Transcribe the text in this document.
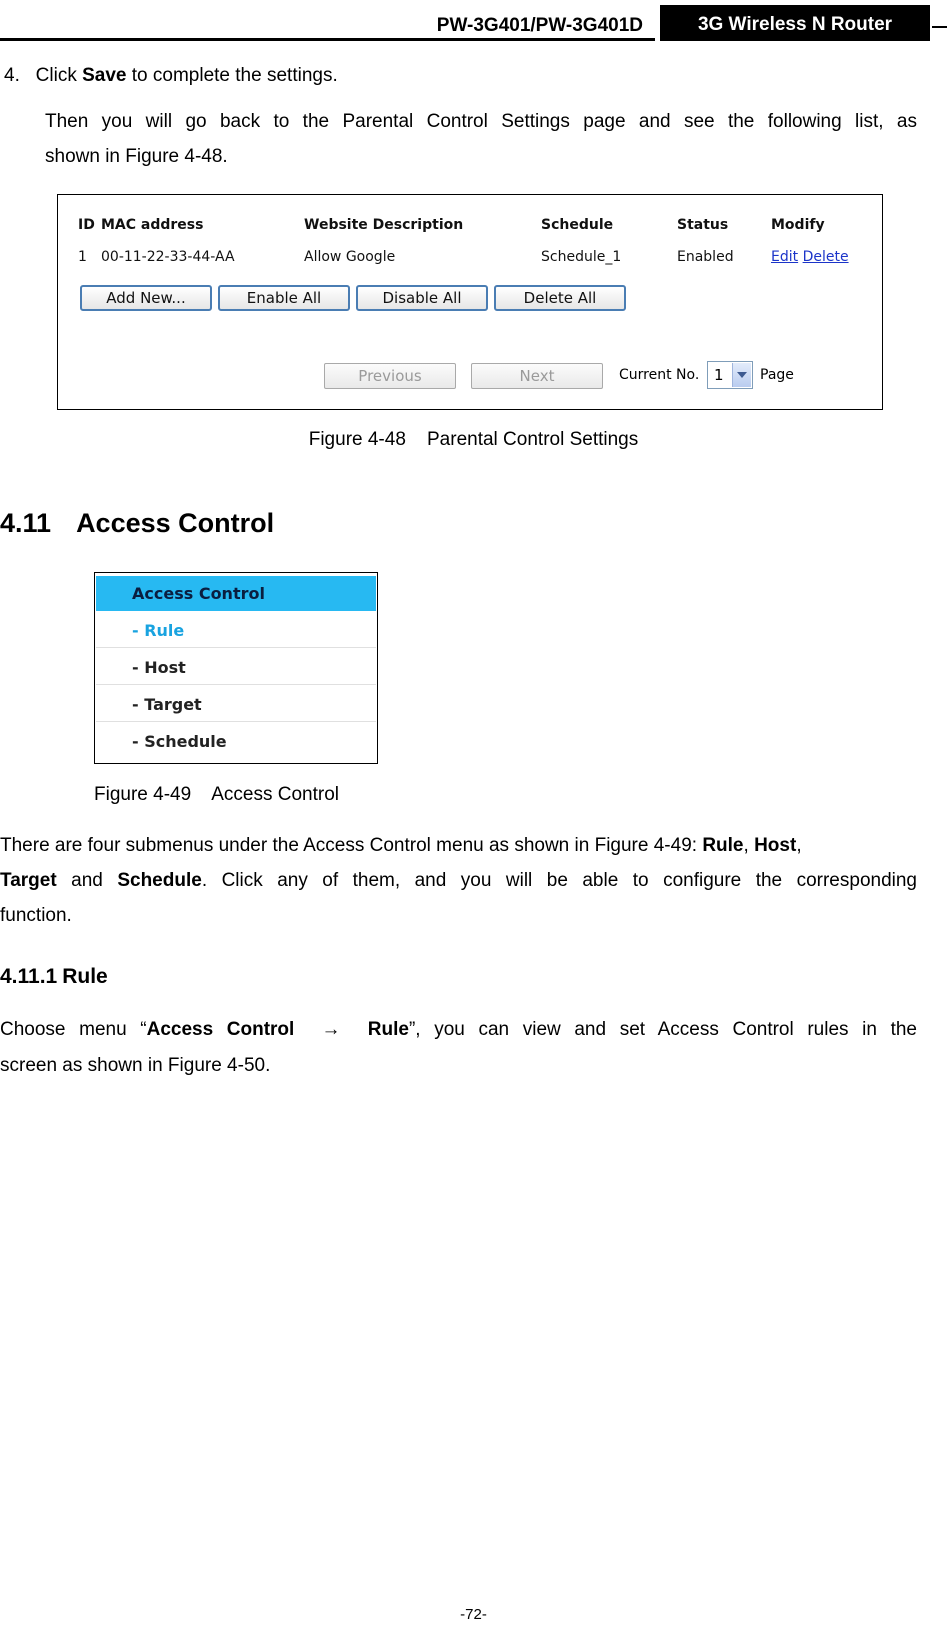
PW-3G401/PW-3G401D	3G Wireless N Router
4.   Click Save to complete the settings.
Then you will go back to the Parental Control Settings page and see the following list, as
shown in Figure 4-48.
ID MAC address	Website Description	Schedule	Status	Modify
1 00-11-22-33-44-AA	Allow Google	Schedule_1	Enabled	Edit Delete
Add New...	Enable All	Disable All	Delete All
Previous	Next	Current No. 1	Page
Figure 4-48    Parental Control Settings
4.11 Access Control
Access Control
- Rule
- Host
- Target
- Schedule
Figure 4-49    Access Control
There are four submenus under the Access Control menu as shown in Figure 4-49: Rule, Host,
Target and Schedule. Click any of them, and you will be able to configure the corresponding
function.
4.11.1 Rule
Choose menu “Access Control  →  Rule”, you can view and set Access Control rules in the
screen as shown in Figure 4-50.
-72-
